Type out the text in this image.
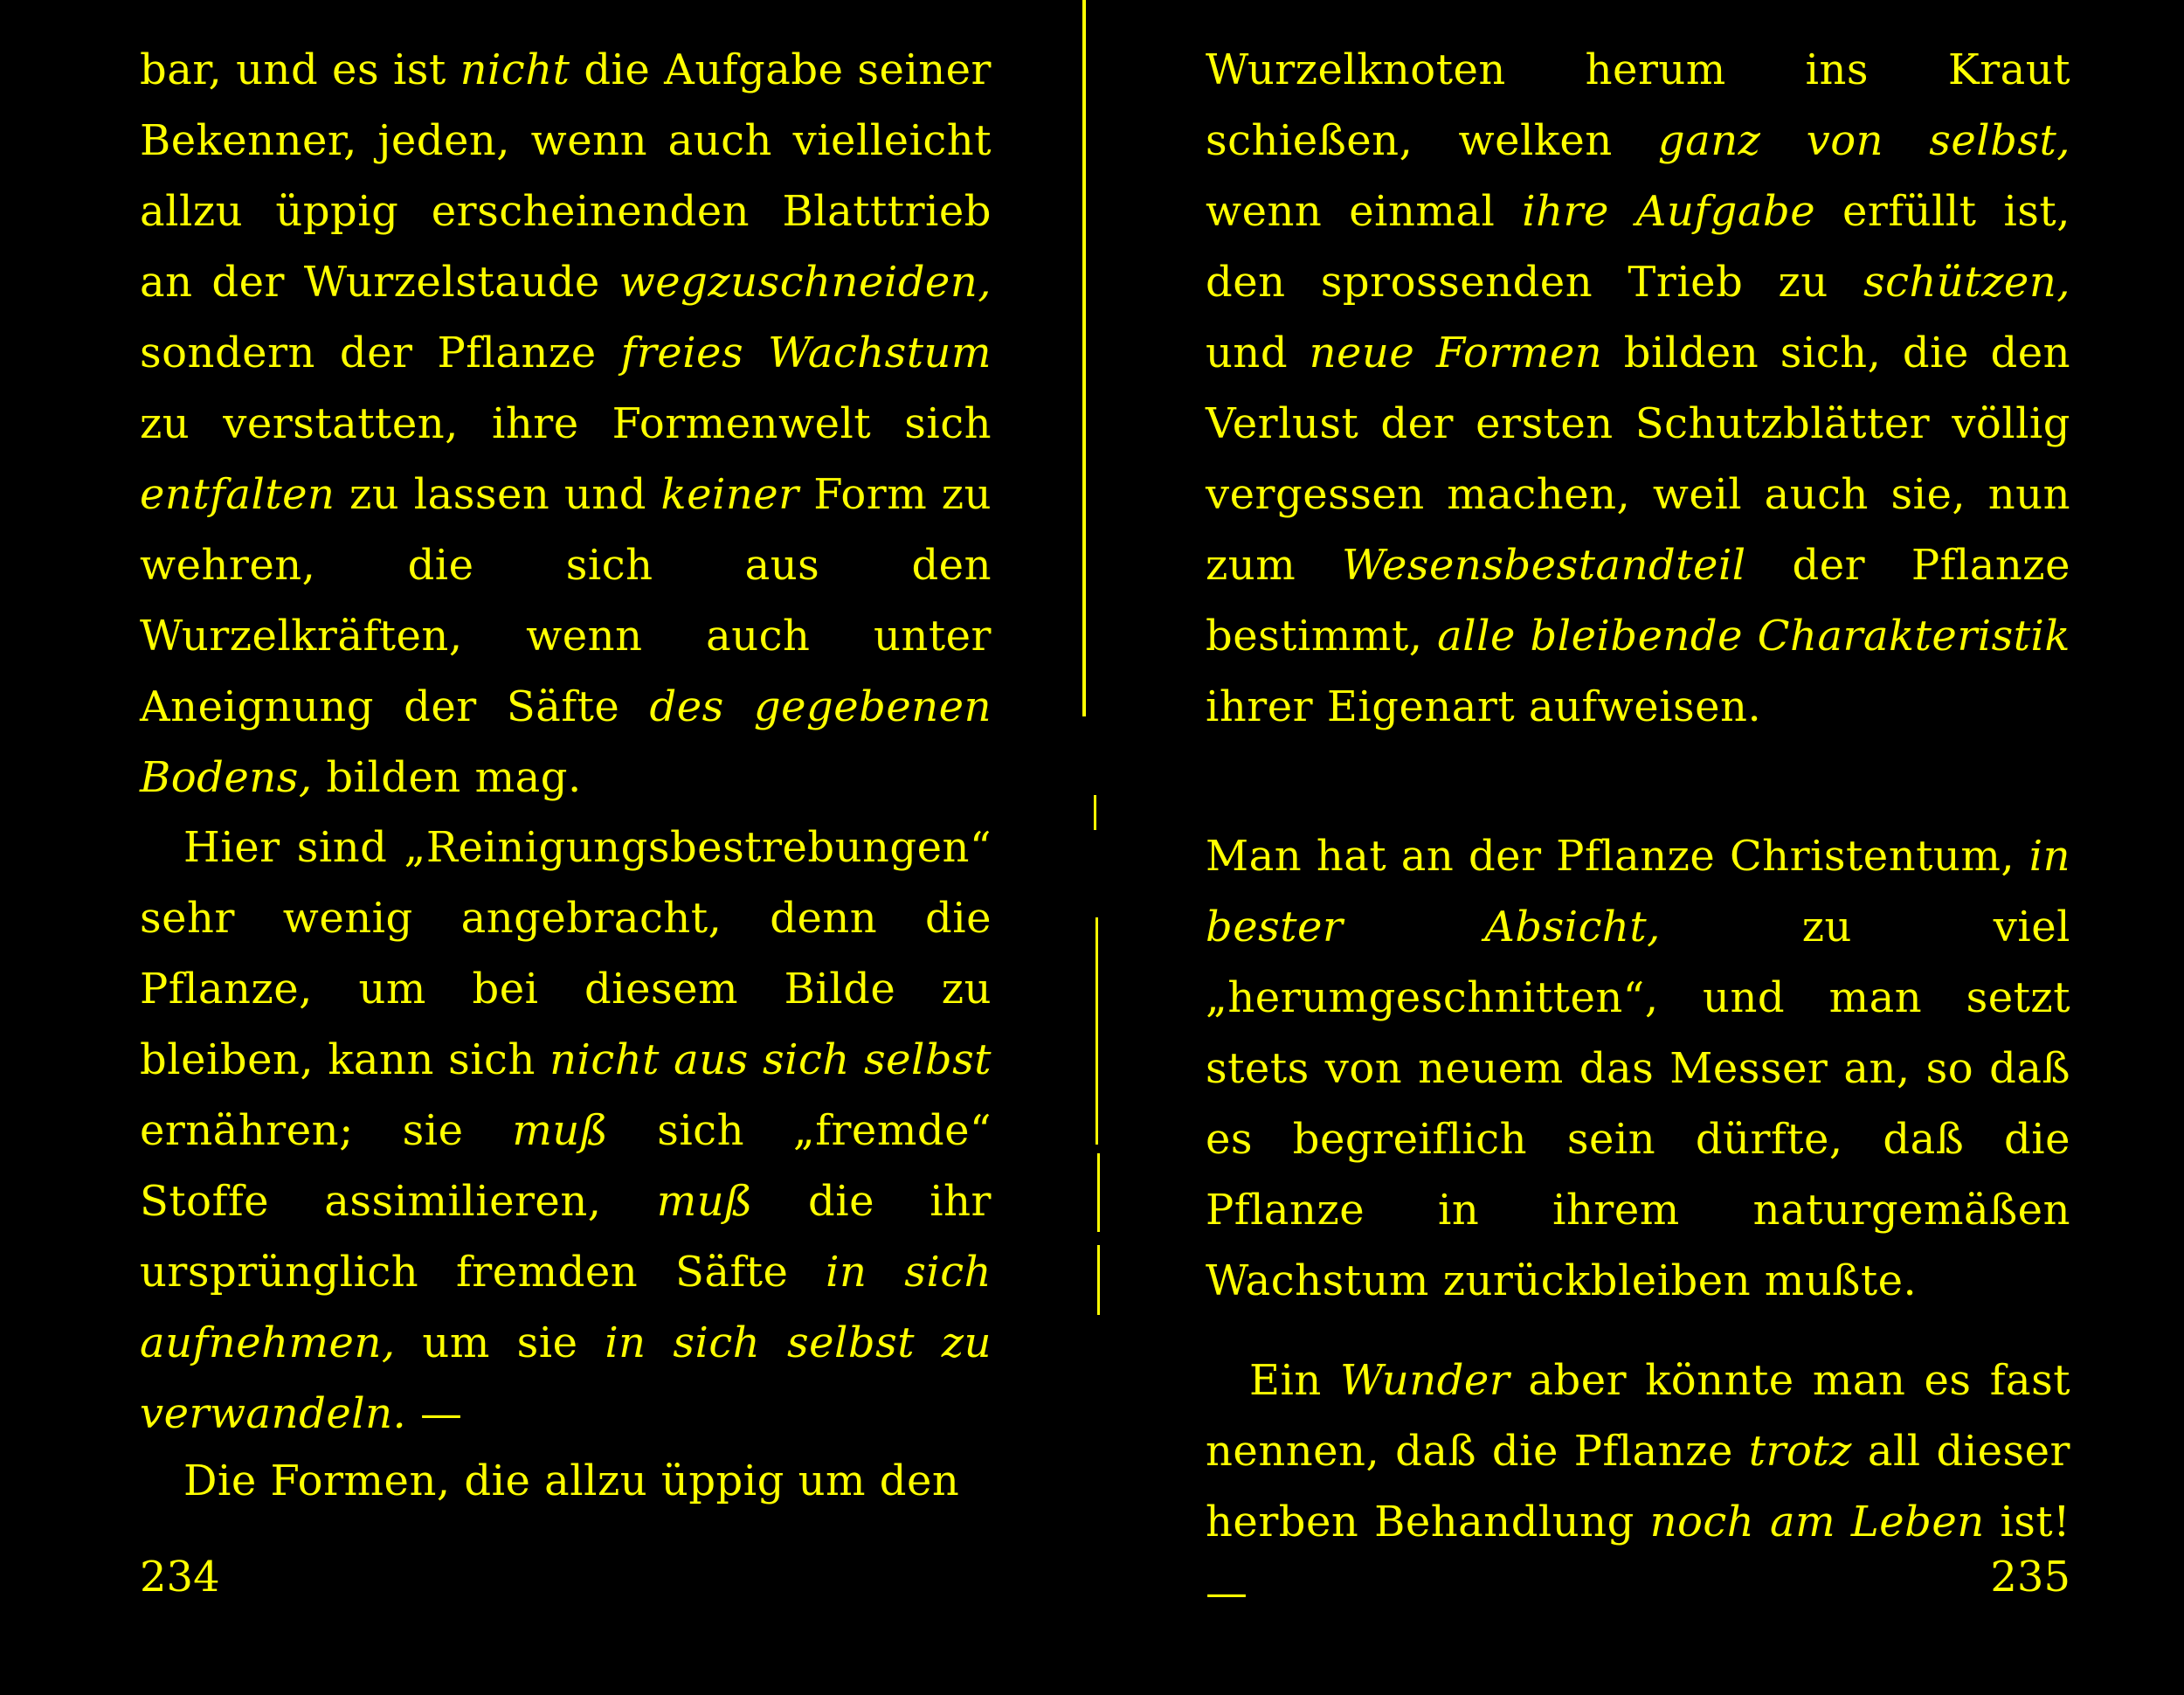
bar, und es ist nicht die Aufgabe seiner Bekenner, jeden, wenn auch vielleicht allzu üppig erscheinenden Blatttrieb an der Wurzelstaude wegzuschneiden, sondern der Pflanze freies Wachstum zu verstatten, ihre Formenwelt sich entfalten zu lassen und keiner Form zu wehren, die sich aus den Wurzelkräften, wenn auch unter Aneignung der Säfte des gegebenen Bodens, bilden mag.

Hier sind „Reinigungsbestrebungen“ sehr wenig angebracht, denn die Pflanze, um bei diesem Bilde zu bleiben, kann sich nicht aus sich selbst ernähren; sie muß sich „fremde“ Stoffe assimilieren, muß die ihr ursprünglich fremden Säfte in sich aufnehmen, um sie in sich selbst zu verwandeln. —

Die Formen, die allzu üppig um den

234

Wurzelknoten herum ins Kraut schießen, welken ganz von selbst, wenn einmal ihre Aufgabe erfüllt ist, den sprossenden Trieb zu schützen, und neue Formen bilden sich, die den Verlust der ersten Schutzblätter völlig vergessen machen, weil auch sie, nun zum Wesensbestandteil der Pflanze bestimmt, alle bleibende Charakteristik ihrer Eigenart aufweisen.

Man hat an der Pflanze Christentum, in bester Absicht, zu viel „herumgeschnitten“, und man setzt stets von neuem das Messer an, so daß es begreiflich sein dürfte, daß die Pflanze in ihrem naturgemäßen Wachstum zurückbleiben mußte.

Ein Wunder aber könnte man es fast nennen, daß die Pflanze trotz all dieser herben Behandlung noch am Leben ist! —	235
